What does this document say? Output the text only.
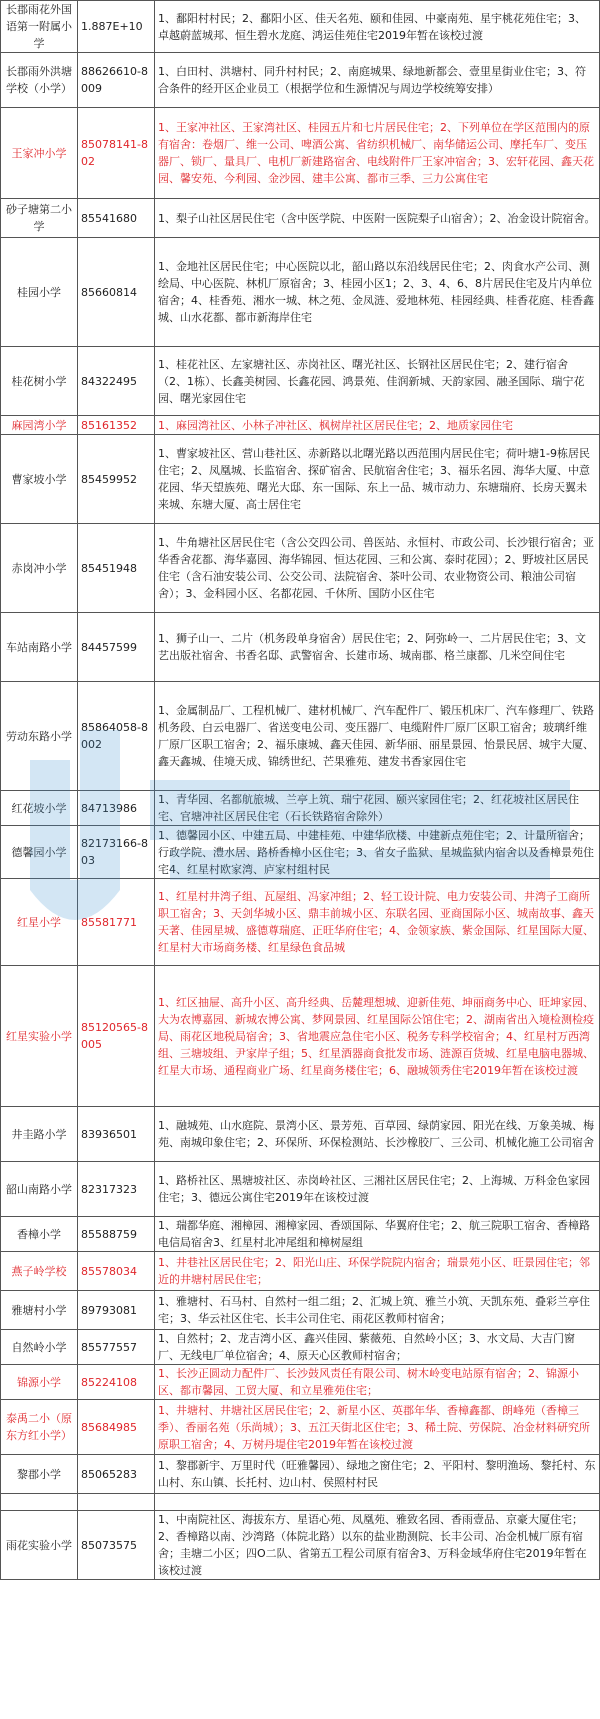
长郡雨花外国语第一附属小学	1.887E+10	1、鄱阳村村民；2、鄱阳小区、佳天名苑、颐和佳园、中豪南苑、星宇桃花苑住宅；3、卓越蔚蓝城邦、恒生碧水龙庭、鸿运佳苑住宅2019年暂在该校过渡
长郡雨外洪塘学校（小学）	88626610-8009	1、白田村、洪塘村、同升村村民；2、南庭城果、绿地新都会、壹里星街业住宅；3、符合条件的经开区企业员工（根据学位和生源情况与周边学校统筹安排）
王家冲小学	85078141-802	1、王家冲社区、王家湾社区、桂园五片和七片居民住宅；2、下列单位在学区范围内的原有宿舍：卷烟厂、维一公司、啤酒公寓、省纺织机械厂、南华储运公司、摩托车厂、变压器厂、锁厂、量具厂、电机厂新建路宿舍、电线附件厂王家冲宿舍；3、宏轩花园、鑫天花园、馨安苑、今利园、金沙园、建丰公寓、都市三季、三力公寓住宅
砂子塘第二小学	85541680	1、梨子山社区居民住宅（含中医学院、中医附一医院梨子山宿舍）；2、冶金设计院宿舍。
桂园小学	85660814	1、金地社区居民住宅；中心医院以北，韶山路以东沿线居民住宅；2、肉食水产公司、测绘局、中心医院、林机厂原宿舍；3、桂园小区1；2、3、4、6、8片居民住宅及片内单位宿舍；4、桂香苑、湘水一城、林之苑、金凤涟、爱地林苑、桂园经典、桂香花庭、桂香鑫城、山水花都、都市新海岸住宅
桂花树小学	84322495	1、桂花社区、左家塘社区、赤岗社区、曙光社区、长钢社区居民住宅；2、建行宿舍（2、1栋）、长鑫美树园、长鑫花园、鸿景苑、佳润新城、天韵家园、融圣国际、瑞宁花园、曙光家园住宅
麻园湾小学	85161352	1、麻园湾社区、小林子冲社区、枫树岸社区居民住宅；2、地质家园住宅
曹家坡小学	85459952	1、曹家坡社区、营山巷社区、赤新路以北曙光路以西范围内居民住宅；荷叶塘1-9栋居民住宅；2、凤凰城、长监宿舍、探矿宿舍、民航宿舍住宅；3、福乐名园、海华大厦、中意花园、华天望族苑、曙光大邸、东一国际、东上一品、城市动力、东塘瑞府、长房天翼未来城、东塘大厦、高士居住宅
赤岗冲小学	85451948	1、牛角塘社区居民住宅（含公交四公司、兽医站、永恒村、市政公司、长沙银行宿舍；亚华香舍花都、海华嘉园、海华锦园、恒达花园、三和公寓、泰时花园）；2、野坡社区居民住宅（含石油安装公司、公交公司、法院宿舍、茶叶公司、农业物资公司、粮油公司宿舍）；3、金科园小区、名都花园、千休所、国防小区住宅
车站南路小学	84457599	1、狮子山一、二片（机务段单身宿舍）居民住宅；2、阿弥岭一、二片居民住宅；3、文艺出版社宿舍、书香名邸、武警宿舍、长建市场、城南郡、格兰康都、几米空间住宅
劳动东路小学	85864058-8002	1、金属制品厂、工程机械厂、建材机械厂、汽车配件厂、锻压机床厂、汽车修理厂、铁路机务段、白云电器厂、省送变电公司、变压器厂、电缆附件厂原厂区职工宿舍；玻璃纤维厂原厂区职工宿舍；2、福乐康城、鑫天佳园、新华丽、丽星景园、怡景民居、城宇大厦、鑫天鑫城、佳境天成、锦绣世纪、芒果雅苑、建发书香家园住宅
红花坡小学	84713986	1、青华园、名都航旅城、兰亭上筑、瑞宁花园、颐兴家园住宅；2、红花坡社区居民住宅、官塘冲社区居民住宅（石长铁路宿舍除外）
德馨园小学	82173166-803	1、德馨园小区、中建五局、中建桂苑、中建华欣楼、中建新点苑住宅；2、计量所宿舍；行政学院、澧水居、路桥香樟小区住宅；3、省女子监狱、星城监狱内宿舍以及香樟景苑住宅4、红星村欧家湾、庐家村组村民
红星小学	85581771	1、红星村井湾子组、瓦屋组、冯家冲组；2、轻工设计院、电力安装公司、井湾子工商所职工宿舍；3、天剑华城小区、鼎丰前城小区、东联名园、亚商国际小区、城南故事、鑫天天著、佳园星城、盛德尊瑞庭、正旺华府住宅；4、金领家族、紫金国际、红星国际大厦、红星村大市场商务楼、红星绿色食品城
红星实验小学	85120565-8005	1、红区抽屉、高升小区、高升经典、岳麓理想城、迎新佳苑、坤丽商务中心、旺坤家园、大为农博嘉园、新城农博公寓、梦网景园、红星国际公馆住宅；2、湖南省出入境检测检疫局、雨花区地税局宿舍；3、省地震应急住宅小区、税务专科学校宿舍；4、红星村万西湾组、三塘坡组、尹家岸子组；5、红星酒器商食批发市场、涟源百货城、红星电脑电器城、红星大市场、通程商业广场、红星商务楼住宅；6、融城领秀住宅2019年暂在该校过渡
井圭路小学	83936501	1、融城苑、山水庭院、景湾小区、景芳苑、百草园、绿荫家园、阳光在线、万象美城、梅苑、南城印象住宅；2、环保所、环保检测站、长沙橡胶厂、三公司、机械化施工公司宿舍
韶山南路小学	82317323	1、路桥社区、黑塘坡社区、赤岗岭社区、三湘社区居民住宅；2、上海城、万科金色家园住宅；3、德远公寓住宅2019年在该校过渡
香樟小学	85588759	1、瑞都华庭、湘樟园、湘樟家园、香颂国际、华翼府住宅；2、航三院职工宿舍、香樟路电信局宿舍3、红星村北冲尾组和樟树屋组
燕子岭学校	85578034	1、井巷社区居民住宅；2、阳光山庄、环保学院院内宿舍；瑞景苑小区、旺景园住宅；邻近的井塘村居民住宅；
雅塘村小学	89793081	1、雅塘村、石马村、自然村一组二组；2、汇城上筑、雅兰小筑、天凯东苑、叠彩兰亭住宅；3、华云社区住宅、长丰公司住宅、雨花区教师村宿舍；
自然岭小学	85577557	1、自然村；2、龙吉湾小区、鑫兴佳园、紫薇苑、自然岭小区；3、水文局、大吉门窗厂、无线电厂单位宿舍；4、原天心区教师村宿舍；
锦源小学	85224108	1、长沙正圆动力配件厂、长沙鼓风责任有限公司、树木岭变电站原有宿舍；2、锦源小区、都市馨园、工贸大厦、和立星雅苑住宅；
泰禹二小（原东方红小学）	85684985	1、井塘村、井塘社区居民住宅；2、新星小区、英郡年华、香樟鑫都、朗峰苑（香樟三季）、香丽名苑（乐尚城）；3、五江天街北区住宅；3、稀土院、劳保院、冶金材料研究所原职工宿舍；4、万树丹堤住宅2019年暂在该校过渡
黎郡小学	85065283	1、黎郡新宇、万里时代（旺雅馨园）、绿地之窗住宅；2、平阳村、黎明渔场、黎托村、东山村、东山镇、长托村、边山村、侯照村村民

雨花实验小学	85073575	1、中南院社区、海拔东方、星语心苑、凤凰苑、雅致名园、香雨壹品、京豪大厦住宅；2、香樟路以南、沙湾路（体院北路）以东的盐业勘测院、长丰公司、冶金机械厂原有宿舍；圭塘二小区；四O二队、省第五工程公司原有宿舍3、万科金域华府住宅2019年暂在该校过渡
